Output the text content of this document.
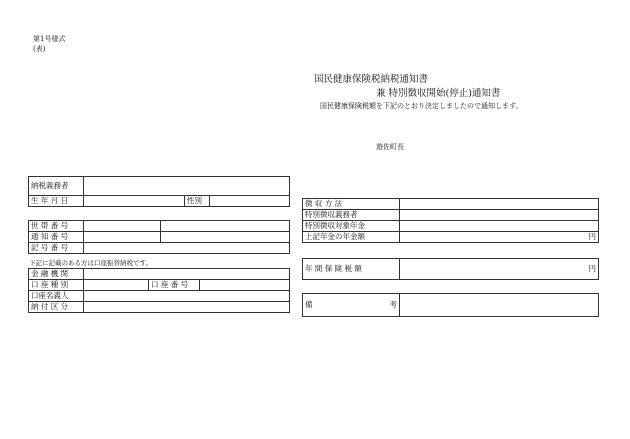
第1号様式
(表)
国民健康保険税納税通知書
兼 特別徴収開始(停止)通知書
国民健康保険税額を下記のとおり決定しましたので通知します。
遊佐町長
納税義務者			
生 年 月 日		性別	
世 帯 番 号		
通 知 番 号		
記 号 番 号		
下記に記載のある方は口座振替納税です。
金 融 機 関			
口 座 種 別		口 座 番 号	
口座名義人			
納 付 区 分			
徴 収 方 法	
特別徴収義務者	
特別徴収対象年金	
上記年金の年金額	円
年 間 保 険 税 額	円
備	考
